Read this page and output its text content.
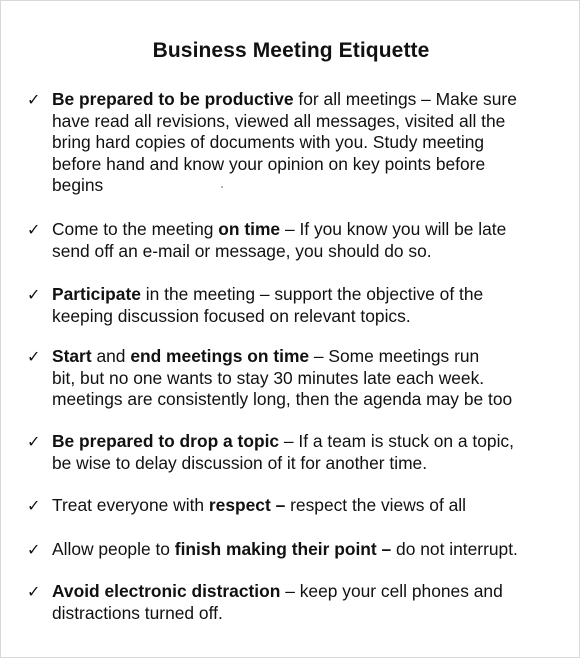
Business Meeting Etiquette
✓ Be prepared to be productive for all meetings – Make sure
have read all revisions, viewed all messages, visited all the
bring hard copies of documents with you. Study meeting
before hand and know your opinion on key points before
begins
✓ Come to the meeting on time – If you know you will be late
send off an e-mail or message, you should do so.
✓ Participate in the meeting – support the objective of the
keeping discussion focused on relevant topics.
✓ Start and end meetings on time – Some meetings run
bit, but no one wants to stay 30 minutes late each week.
meetings are consistently long, then the agenda may be too
✓ Be prepared to drop a topic – If a team is stuck on a topic,
be wise to delay discussion of it for another time.
✓ Treat everyone with respect – respect the views of all
✓ Allow people to finish making their point – do not interrupt.
✓ Avoid electronic distraction – keep your cell phones and
distractions turned off.
